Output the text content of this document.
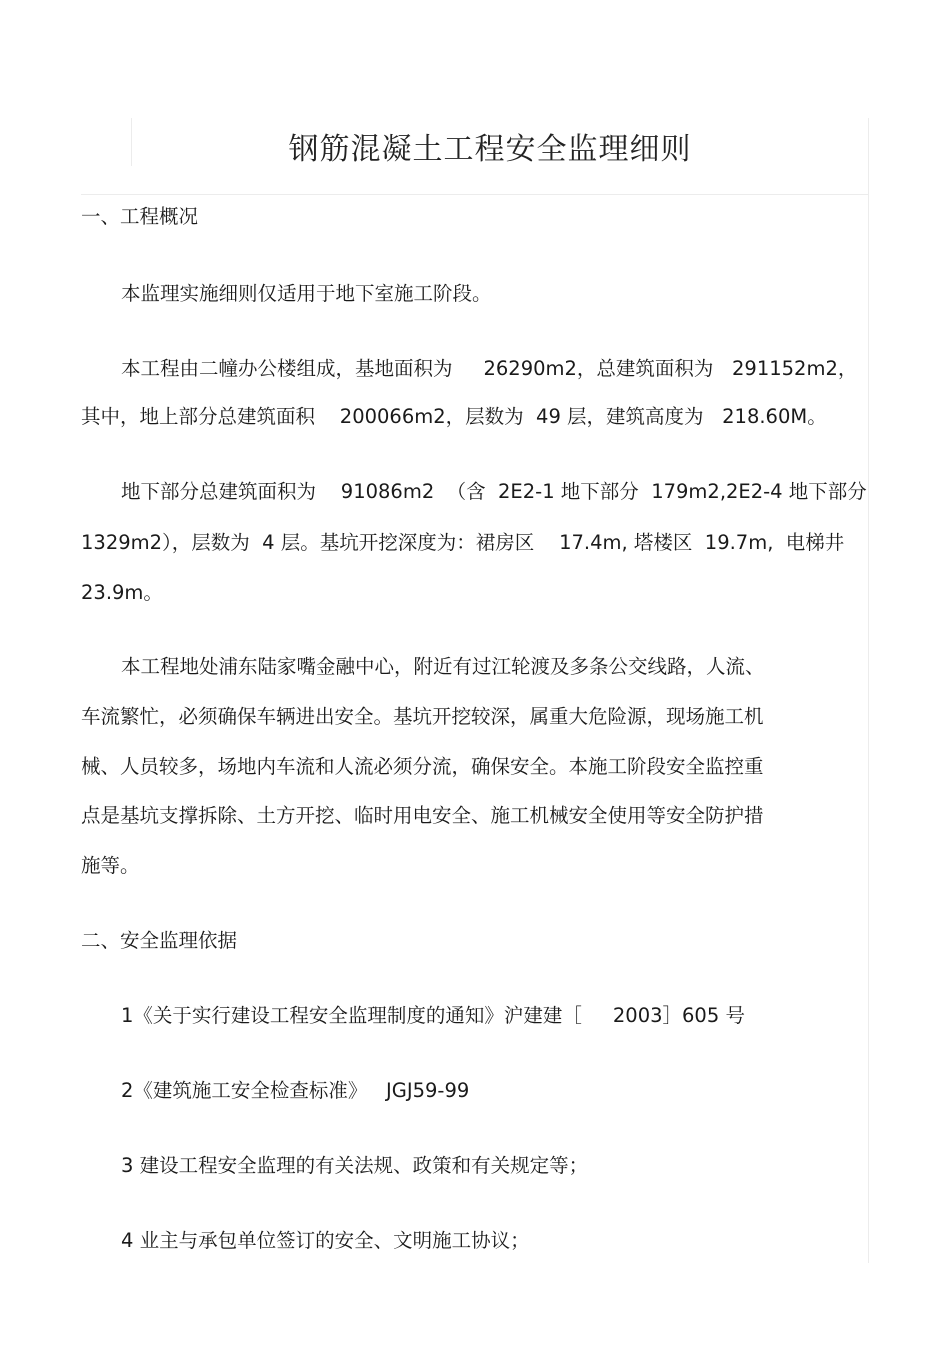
钢筋混凝土工程安全监理细则

一、工程概况

本监理实施细则仅适用于地下室施工阶段。

本工程由二幢办公楼组成，基地面积为     26290m2，总建筑面积为   291152m2，

其中，地上部分总建筑面积    200066m2，层数为  49 层，建筑高度为   218.60M。

地下部分总建筑面积为    91086m2  （含  2E2-1 地下部分  179m2,2E2-4 地下部分

1329m2），层数为  4 层。基坑开挖深度为：裙房区    17.4m, 塔楼区  19.7m,  电梯井

23.9m。

本工程地处浦东陆家嘴金融中心，附近有过江轮渡及多条公交线路，人流、

车流繁忙，必须确保车辆进出安全。基坑开挖较深，属重大危险源，现场施工机

械、人员较多，场地内车流和人流必须分流，确保安全。本施工阶段安全监控重

点是基坑支撑拆除、土方开挖、临时用电安全、施工机械安全使用等安全防护措

施等。

二、安全监理依据

1《关于实行建设工程安全监理制度的通知》沪建建［     2003］605 号

2《建筑施工安全检查标准》   JGJ59-99

3 建设工程安全监理的有关法规、政策和有关规定等；

4 业主与承包单位签订的安全、文明施工协议；
